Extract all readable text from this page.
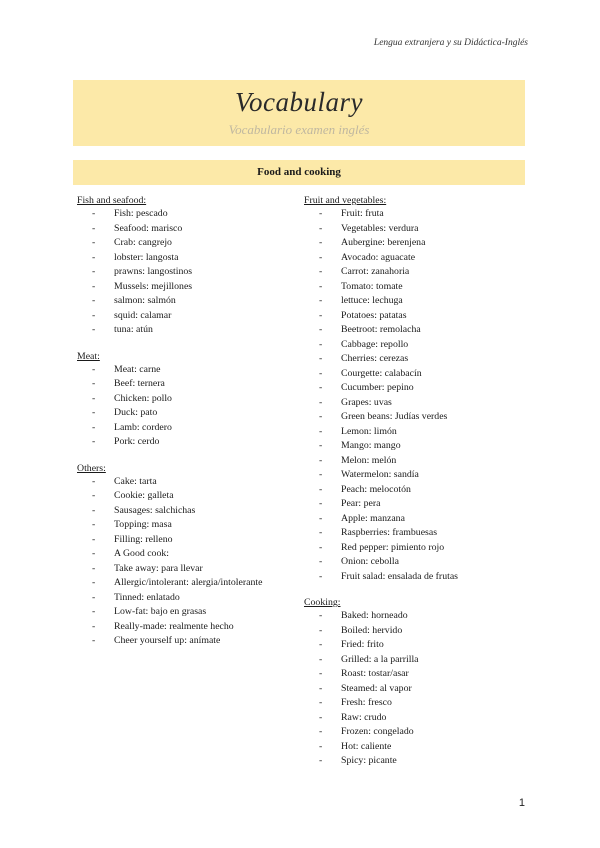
Lengua extranjera y su Didáctica-Inglés
Vocabulary
Vocabulario examen inglés
Food and cooking
Fish and seafood:
- Fish: pescado
- Seafood: marisco
- Crab: cangrejo
- lobster: langosta
- prawns: langostinos
- Mussels: mejillones
- salmon: salmón
- squid: calamar
- tuna: atún
Meat:
- Meat: carne
- Beef: ternera
- Chicken: pollo
- Duck: pato
- Lamb: cordero
- Pork: cerdo
Others:
- Cake: tarta
- Cookie: galleta
- Sausages: salchichas
- Topping: masa
- Filling: relleno
- A Good cook:
- Take away: para llevar
- Allergic/intolerant: alergia/intolerante
- Tinned: enlatado
- Low-fat: bajo en grasas
- Really-made: realmente hecho
- Cheer yourself up: anímate
Fruit and vegetables:
- Fruit: fruta
- Vegetables: verdura
- Aubergine: berenjena
- Avocado: aguacate
- Carrot: zanahoria
- Tomato: tomate
- lettuce: lechuga
- Potatoes: patatas
- Beetroot: remolacha
- Cabbage: repollo
- Cherries: cerezas
- Courgette: calabacín
- Cucumber: pepino
- Grapes: uvas
- Green beans: Judías verdes
- Lemon: limón
- Mango: mango
- Melon: melón
- Watermelon: sandía
- Peach: melocotón
- Pear: pera
- Apple: manzana
- Raspberries: frambuesas
- Red pepper: pimiento rojo
- Onion: cebolla
- Fruit salad: ensalada de frutas
Cooking:
- Baked: horneado
- Boiled: hervido
- Fried: frito
- Grilled: a la parrilla
- Roast: tostar/asar
- Steamed: al vapor
- Fresh: fresco
- Raw: crudo
- Frozen: congelado
- Hot: caliente
- Spicy: picante
1
